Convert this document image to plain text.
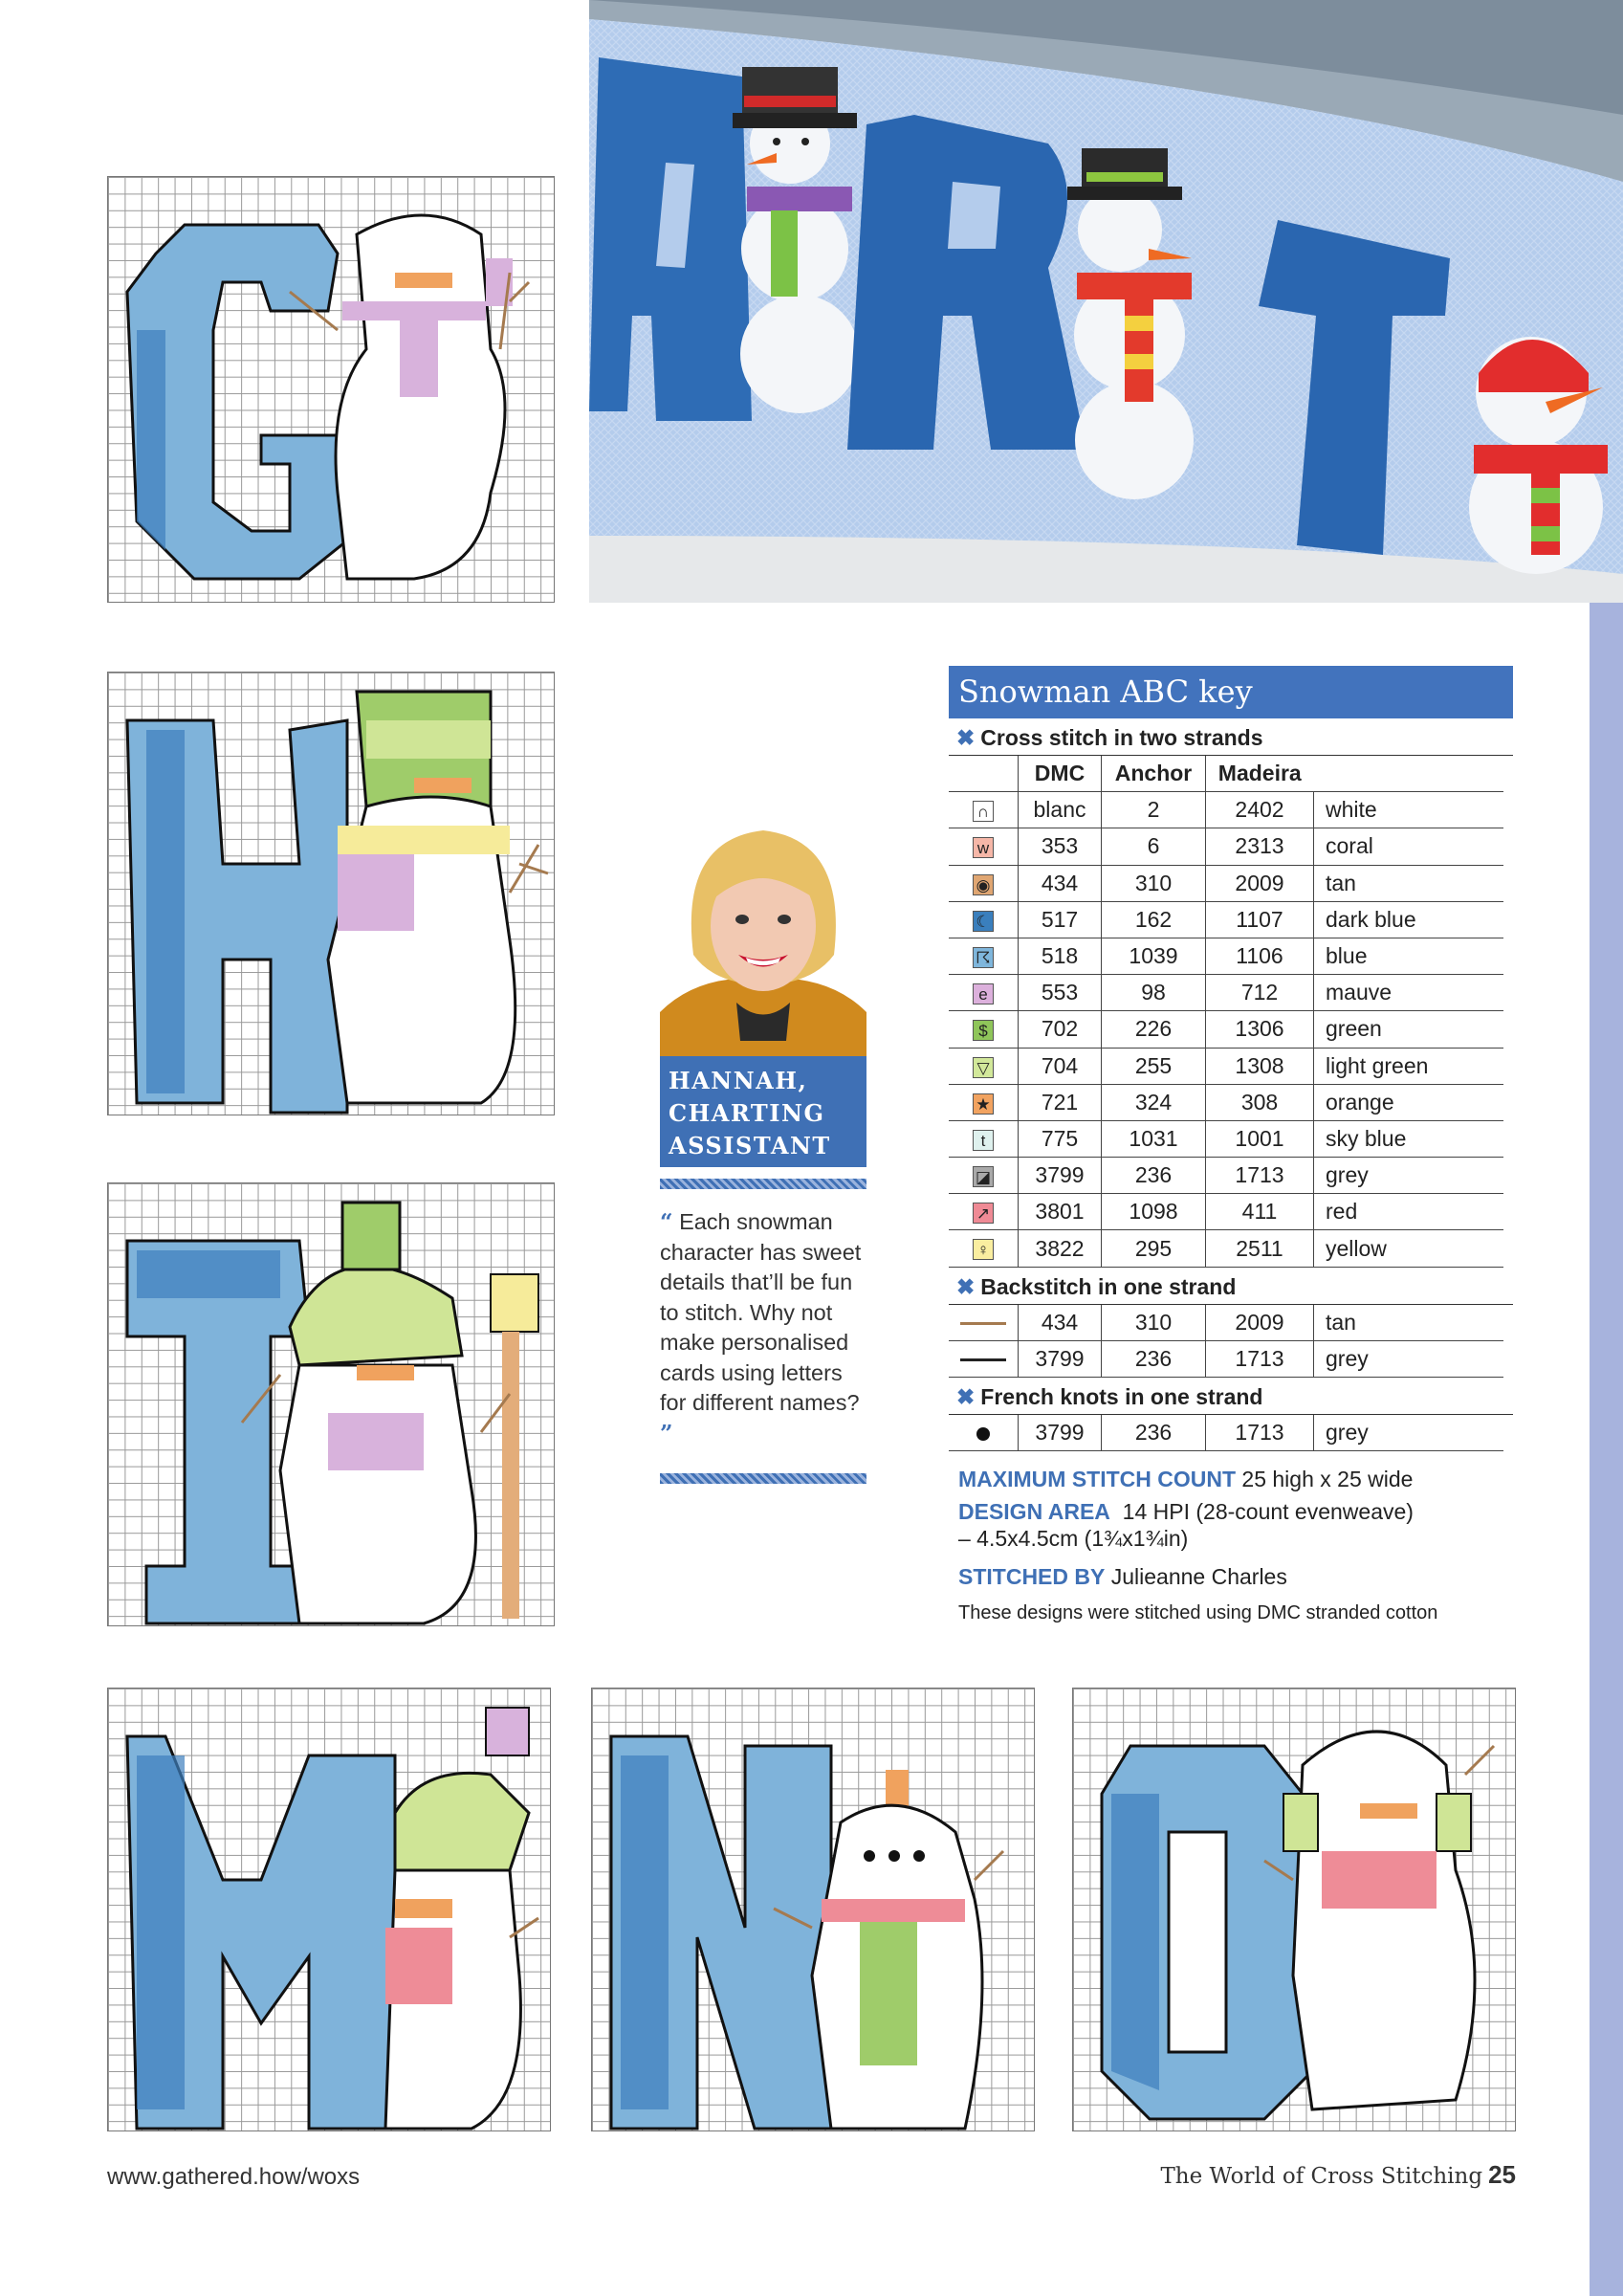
HANNAH,
CHARTING
ASSISTANT
“ Each snowman character has sweet details that’ll be fun to stitch. Why not make personalised cards using letters for different names? ”
Snowman ABC key
✖ Cross stitch in two strands
	DMC	Anchor	Madeira	
∩	blanc	2	2402	white
w	353	6	2313	coral
◉	434	310	2009	tan
☾	517	162	1107	dark blue
☈	518	1039	1106	blue
e	553	98	712	mauve
$	702	226	1306	green
▽	704	255	1308	light green
★	721	324	308	orange
t	775	1031	1001	sky blue
◪	3799	236	1713	grey
↗	3801	1098	411	red
♀	3822	295	2511	yellow
✖ Backstitch in one strand
	434	310	2009	tan
	3799	236	1713	grey
✖ French knots in one strand
	3799	236	1713	grey
MAXIMUM STITCH COUNT 25 high x 25 wide
DESIGN AREA 14 HPI (28-count evenweave)
– 4.5x4.5cm (1¾x1¾in)
STITCHED BY Julieanne Charles
These designs were stitched using DMC stranded cotton
www.gathered.how/woxs	The World of Cross Stitching 25
